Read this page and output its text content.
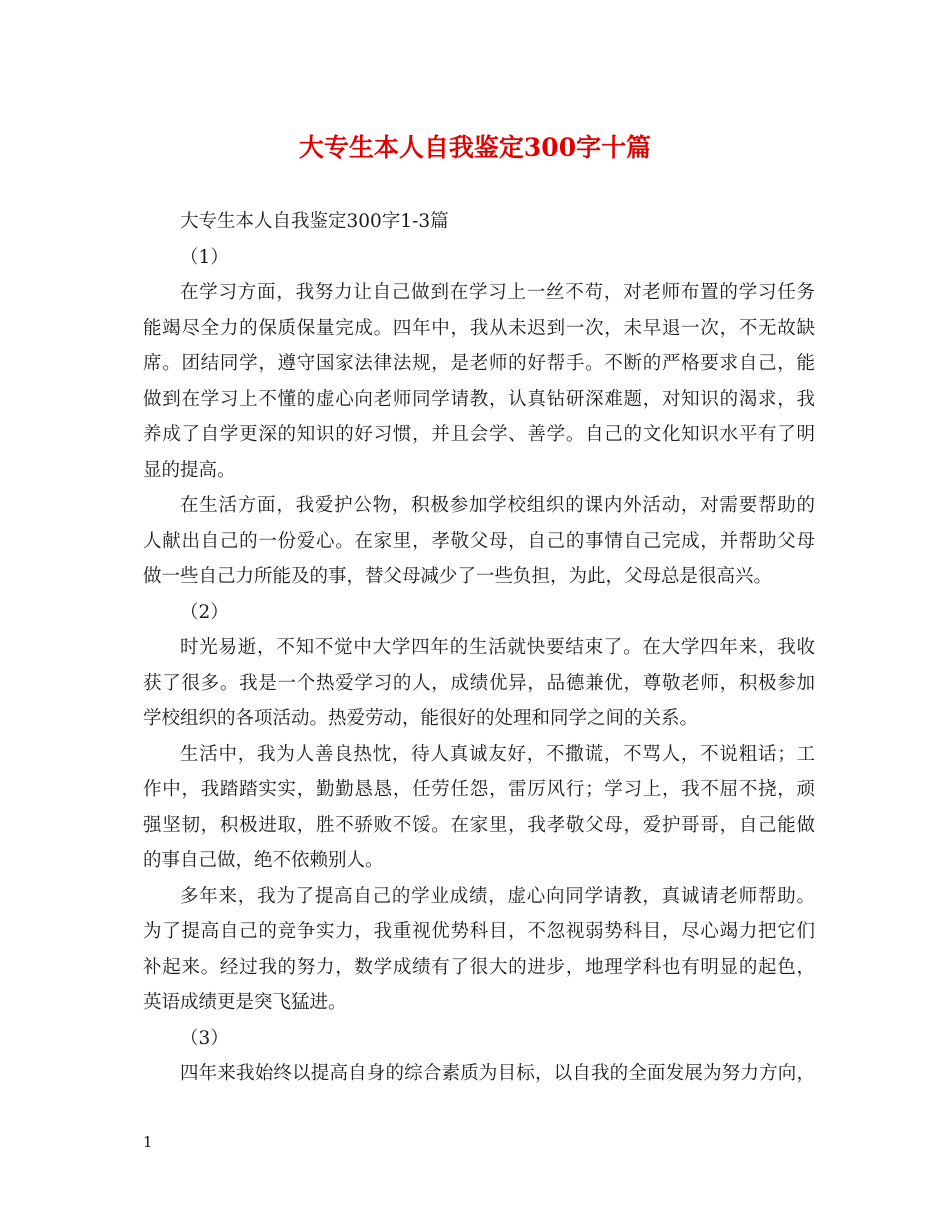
大专生本人自我鉴定300字十篇
大专生本人自我鉴定300字1-3篇
（1）
在学习方面，我努力让自己做到在学习上一丝不苟，对老师布置的学习任务
能竭尽全力的保质保量完成。四年中，我从未迟到一次，未早退一次，不无故缺
席。团结同学，遵守国家法律法规，是老师的好帮手。不断的严格要求自己，能
做到在学习上不懂的虚心向老师同学请教，认真钻研深难题，对知识的渴求，我
养成了自学更深的知识的好习惯，并且会学、善学。自己的文化知识水平有了明
显的提高。
在生活方面，我爱护公物，积极参加学校组织的课内外活动，对需要帮助的
人献出自己的一份爱心。在家里，孝敬父母，自己的事情自己完成，并帮助父母
做一些自己力所能及的事，替父母减少了一些负担，为此，父母总是很高兴。
（2）
时光易逝，不知不觉中大学四年的生活就快要结束了。在大学四年来，我收
获了很多。我是一个热爱学习的人，成绩优异，品德兼优，尊敬老师，积极参加
学校组织的各项活动。热爱劳动，能很好的处理和同学之间的关系。
生活中，我为人善良热忱，待人真诚友好，不撒谎，不骂人，不说粗话；工
作中，我踏踏实实，勤勤恳恳，任劳任怨，雷厉风行；学习上，我不屈不挠，顽
强坚韧，积极进取，胜不骄败不馁。在家里，我孝敬父母，爱护哥哥，自己能做
的事自己做，绝不依赖别人。
多年来，我为了提高自己的学业成绩，虚心向同学请教，真诚请老师帮助。
为了提高自己的竞争实力，我重视优势科目，不忽视弱势科目，尽心竭力把它们
补起来。经过我的努力，数学成绩有了很大的进步，地理学科也有明显的起色，
英语成绩更是突飞猛进。
（3）
四年来我始终以提高自身的综合素质为目标，以自我的全面发展为努力方向，
1
